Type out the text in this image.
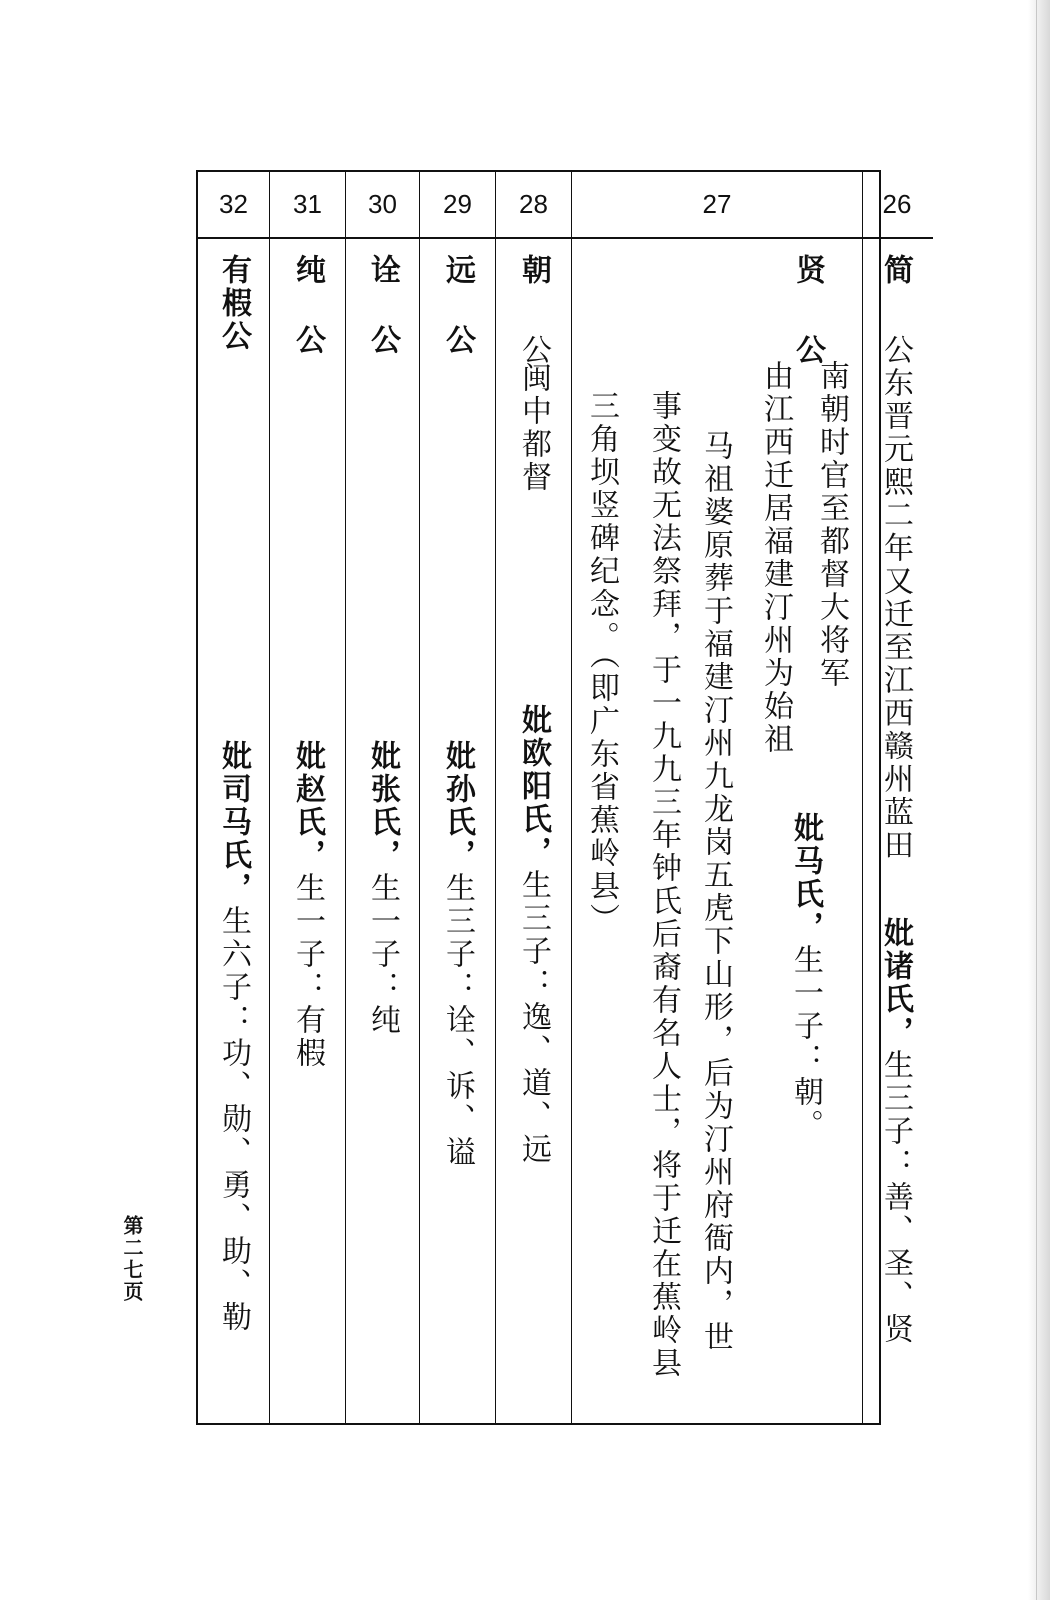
26
简
公东晋元熙二年又迁至江西赣州蓝田
妣诸氏，生三子：善、圣、贤
27
贤
公
南朝时官至都督大将军
由江西迁居福建汀州为始祖
妣马氏，生一子：朝。
马祖婆原葬于福建汀州九龙岗五虎下山形，后为汀州府衙内，世
事变故无法祭拜，于一九九三年钟氏后裔有名人士，将于迁在蕉岭县
三角坝竖碑纪念。（即广东省蕉岭县）
28
朝
公
闽中都督
妣欧阳氏，生三子：逸、道、远
29
远
公
妣孙氏，生三子：诠、诉、谥
30
诠
公
妣张氏，生一子：纯
31
纯
公
妣赵氏，生一子：有椵
32
有椵公
妣司马氏，生六子：功、勋、勇、助、勒
第二七页
